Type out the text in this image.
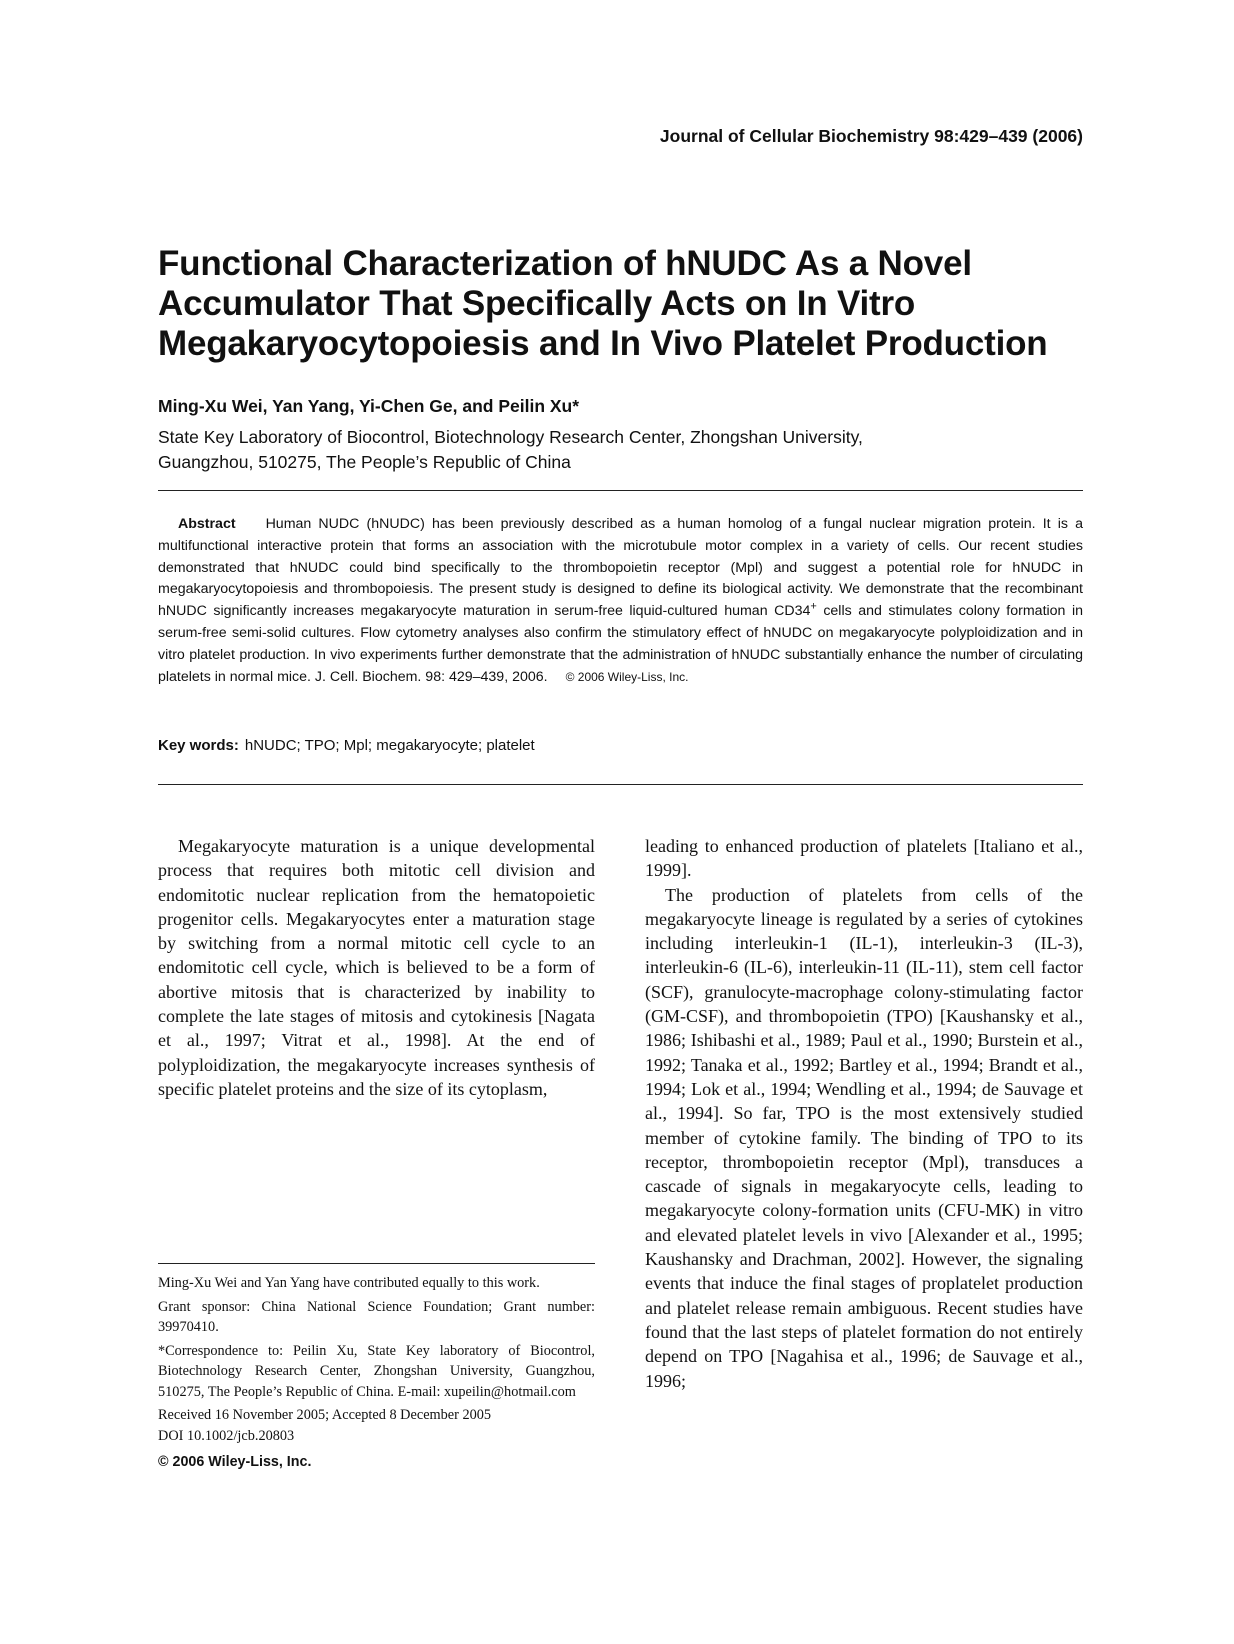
Journal of Cellular Biochemistry 98:429–439 (2006)
Functional Characterization of hNUDC As a Novel
Accumulator That Specifically Acts on In Vitro
Megakaryocytopoiesis and In Vivo Platelet Production
Ming-Xu Wei, Yan Yang, Yi-Chen Ge, and Peilin Xu*
State Key Laboratory of Biocontrol, Biotechnology Research Center, Zhongshan University,
Guangzhou, 510275, The People’s Republic of China
Abstract Human NUDC (hNUDC) has been previously described as a human homolog of a fungal nuclear migration protein. It is a multifunctional interactive protein that forms an association with the microtubule motor complex in a variety of cells. Our recent studies demonstrated that hNUDC could bind specifically to the thrombopoietin receptor (Mpl) and suggest a potential role for hNUDC in megakaryocytopoiesis and thrombopoiesis. The present study is designed to define its biological activity. We demonstrate that the recombinant hNUDC significantly increases megakaryocyte maturation in serum-free liquid-cultured human CD34+ cells and stimulates colony formation in serum-free semi-solid cultures. Flow cytometry analyses also confirm the stimulatory effect of hNUDC on megakaryocyte polyploidization and in vitro platelet production. In vivo experiments further demonstrate that the administration of hNUDC substantially enhance the number of circulating platelets in normal mice. J. Cell. Biochem. 98: 429–439, 2006. © 2006 Wiley-Liss, Inc.
Key words: hNUDC; TPO; Mpl; megakaryocyte; platelet

Megakaryocyte maturation is a unique developmental process that requires both mitotic cell division and endomitotic nuclear replication from the hematopoietic progenitor cells. Megakaryocytes enter a maturation stage by switching from a normal mitotic cell cycle to an endomitotic cell cycle, which is believed to be a form of abortive mitosis that is characterized by inability to complete the late stages of mitosis and cytokinesis [Nagata et al., 1997; Vitrat et al., 1998]. At the end of polyploidization, the megakaryocyte increases synthesis of specific platelet proteins and the size of its cytoplasm,

leading to enhanced production of platelets [Italiano et al., 1999].

The production of platelets from cells of the megakaryocyte lineage is regulated by a series of cytokines including interleukin-1 (IL-1), interleukin-3 (IL-3), interleukin-6 (IL-6), interleukin-11 (IL-11), stem cell factor (SCF), granulocyte-macrophage colony-stimulating factor (GM-CSF), and thrombopoietin (TPO) [Kaushansky et al., 1986; Ishibashi et al., 1989; Paul et al., 1990; Burstein et al., 1992; Tanaka et al., 1992; Bartley et al., 1994; Brandt et al., 1994; Lok et al., 1994; Wendling et al., 1994; de Sauvage et al., 1994]. So far, TPO is the most extensively studied member of cytokine family. The binding of TPO to its receptor, thrombopoietin receptor (Mpl), transduces a cascade of signals in megakaryocyte cells, leading to megakaryocyte colony-formation units (CFU-MK) in vitro and elevated platelet levels in vivo [Alexander et al., 1995; Kaushansky and Drachman, 2002]. However, the signaling events that induce the final stages of proplatelet production and platelet release remain ambiguous. Recent studies have found that the last steps of platelet formation do not entirely depend on TPO [Nagahisa et al., 1996; de Sauvage et al., 1996;

Ming-Xu Wei and Yan Yang have contributed equally to this work.

Grant sponsor: China National Science Foundation; Grant number: 39970410.

*Correspondence to: Peilin Xu, State Key laboratory of Biocontrol, Biotechnology Research Center, Zhongshan University, Guangzhou, 510275, The People’s Republic of China. E-mail: xupeilin@hotmail.com

Received 16 November 2005; Accepted 8 December 2005

DOI 10.1002/jcb.20803

© 2006 Wiley-Liss, Inc.
